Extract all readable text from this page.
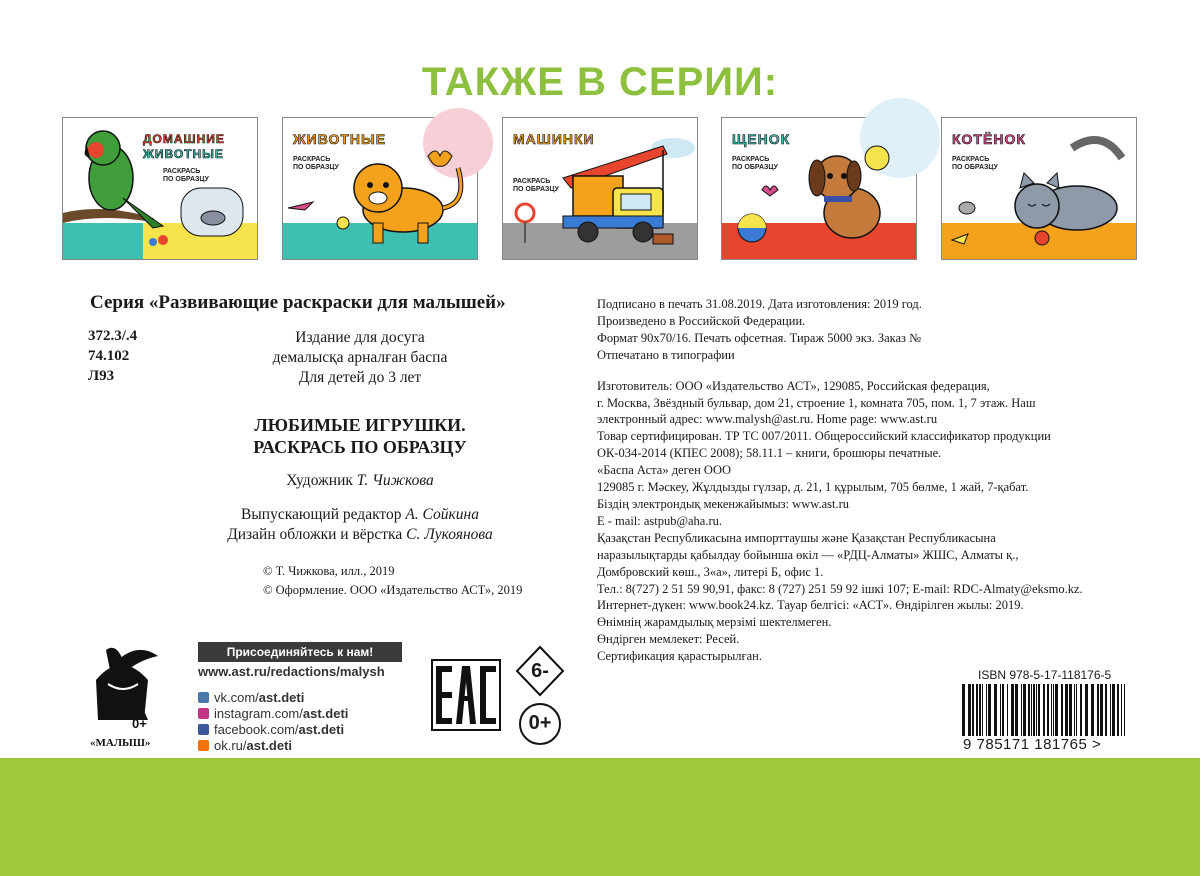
ТАКЖЕ В СЕРИИ:
ДОМАШНИЕ
ЖИВОТНЫЕ
РАСКРАСЬ
ПО ОБРАЗЦУ
ЖИВОТНЫЕ
РАСКРАСЬ
ПО ОБРАЗЦУ
МАШИНКИ
РАСКРАСЬ
ПО ОБРАЗЦУ
ЩЕНОК
РАСКРАСЬ
ПО ОБРАЗЦУ
КОТЁНОК
РАСКРАСЬ
ПО ОБРАЗЦУ
Серия «Развивающие раскраски для малышей»
372.3/.4
74.102
Л93
Издание для досуга
демалысқа арналған баспа
Для детей до 3 лет
ЛЮБИМЫЕ ИГРУШКИ.
РАСКРАСЬ ПО ОБРАЗЦУ
Художник Т. Чижкова
Выпускающий редактор А. Сойкина
Дизайн обложки и вёрстка С. Лукоянова
© Т. Чижкова, илл., 2019
© Оформление. ООО «Издательство АСТ», 2019
Подписано в печать 31.08.2019. Дата изготовления: 2019 год.
Произведено в Российской Федерации.
Формат 90х70/16. Печать офсетная. Тираж 5000 экз. Заказ №
Отпечатано в типографии
Изготовитель: ООО «Издательство АСТ», 129085, Российская федерация,
г. Москва, Звёздный бульвар, дом 21, строение 1, комната 705, пом. 1, 7 этаж. Наш
электронный адрес: www.malysh@ast.ru. Home page: www.ast.ru
Товар сертифицирован. ТР ТС 007/2011. Общероссийский классификатор продукции
ОК-034-2014 (КПЕС 2008); 58.11.1 – книги, брошюры печатные.
«Баспа Аста» деген ООО
129085 г. Мәскеу, Жұлдызды гүлзар, д. 21, 1 құрылым, 705 бөлме, 1 жай, 7-қабат.
Біздің электрондық мекенжайымыз: www.ast.ru
E - mail: astpub@aha.ru.
Қазақстан Республикасына импорттаушы және Қазақстан Республикасына
наразылықтарды қабылдау бойынша өкіл — «РДЦ-Алматы» ЖШС, Алматы қ.,
Домбровский көш., 3«а», литері Б, офис 1.
Тел.: 8(727) 2 51 59 90,91, факс: 8 (727) 251 59 92 ішкі 107; E-mail: RDC-Almaty@eksmo.kz.
Интернет-дүкен: www.book24.kz. Тауар белгісі: «АСТ». Өндірілген жылы: 2019.
Өнімнің жарамдылық мерзімі шектелмеген.
Өндірген мемлекет: Ресей.
Сертификация қарастырылған.
0+
«МАЛЫШ»
Присоединяйтесь к нам!
www.ast.ru/redactions/malysh
vk.com/ast.deti
instagram.com/ast.deti
facebook.com/ast.deti
ok.ru/ast.deti
EAC
6-
0+
ISBN 978-5-17-118176-5
9 785171 181765 >
